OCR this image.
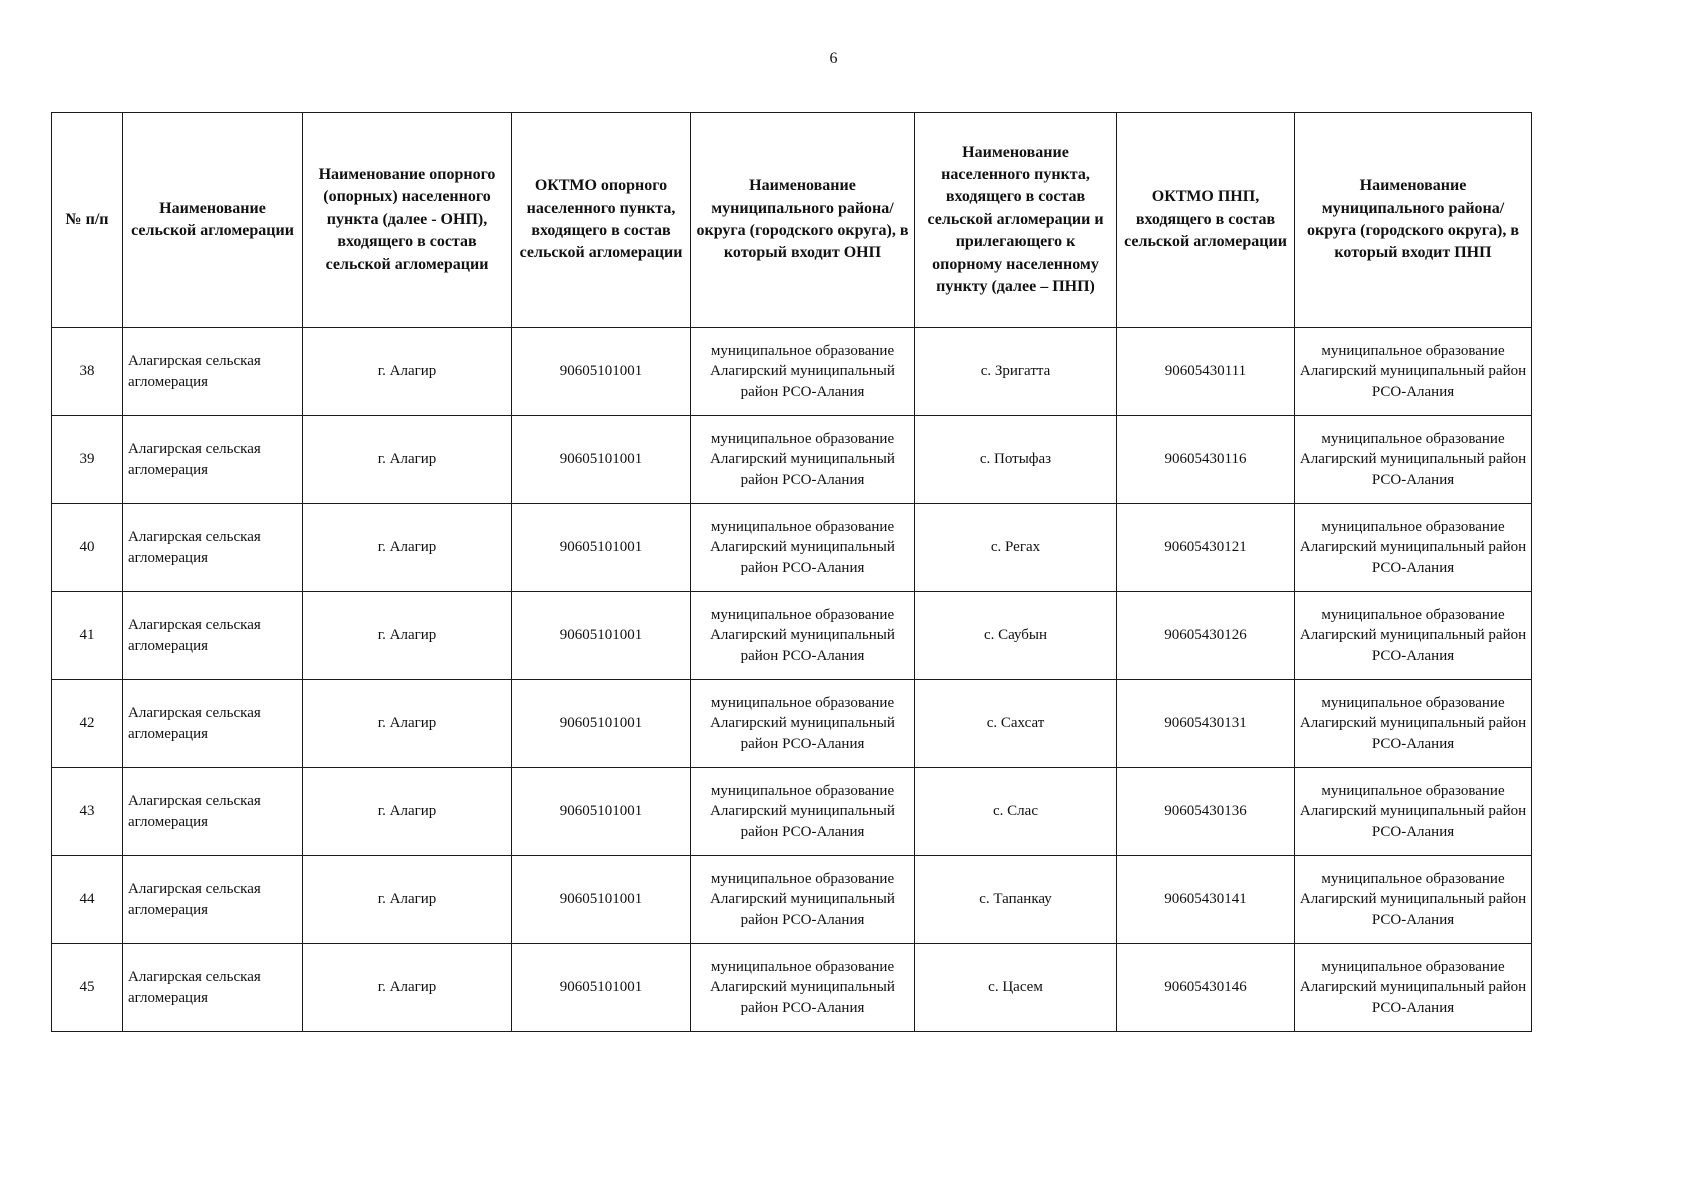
6
№ п/п	Наименование сельской агломерации	Наименование опорного (опорных) населенного пункта (далее - ОНП), входящего в состав сельской агломерации	ОКТМО опорного населенного пункта, входящего в состав сельской агломерации	Наименование муниципального района/округа (городского округа), в который входит ОНП	Наименование населенного пункта, входящего в состав сельской агломерации и прилегающего к опорному населенному пункту (далее – ПНП)	ОКТМО ПНП, входящего в состав сельской агломерации	Наименование муниципального района/округа (городского округа), в который входит ПНП
38	Алагирская сельская агломерация	г. Алагир	90605101001	муниципальное образование Алагирский муниципальный район РСО-Алания	с. Зригатта	90605430111	муниципальное образование Алагирский муниципальный район РСО-Алания
39	Алагирская сельская агломерация	г. Алагир	90605101001	муниципальное образование Алагирский муниципальный район РСО-Алания	с. Потыфаз	90605430116	муниципальное образование Алагирский муниципальный район РСО-Алания
40	Алагирская сельская агломерация	г. Алагир	90605101001	муниципальное образование Алагирский муниципальный район РСО-Алания	с. Регах	90605430121	муниципальное образование Алагирский муниципальный район РСО-Алания
41	Алагирская сельская агломерация	г. Алагир	90605101001	муниципальное образование Алагирский муниципальный район РСО-Алания	с. Саубын	90605430126	муниципальное образование Алагирский муниципальный район РСО-Алания
42	Алагирская сельская агломерация	г. Алагир	90605101001	муниципальное образование Алагирский муниципальный район РСО-Алания	с. Сахсат	90605430131	муниципальное образование Алагирский муниципальный район РСО-Алания
43	Алагирская сельская агломерация	г. Алагир	90605101001	муниципальное образование Алагирский муниципальный район РСО-Алания	с. Слас	90605430136	муниципальное образование Алагирский муниципальный район РСО-Алания
44	Алагирская сельская агломерация	г. Алагир	90605101001	муниципальное образование Алагирский муниципальный район РСО-Алания	с. Тапанкау	90605430141	муниципальное образование Алагирский муниципальный район РСО-Алания
45	Алагирская сельская агломерация	г. Алагир	90605101001	муниципальное образование Алагирский муниципальный район РСО-Алания	с. Цасем	90605430146	муниципальное образование Алагирский муниципальный район РСО-Алания
